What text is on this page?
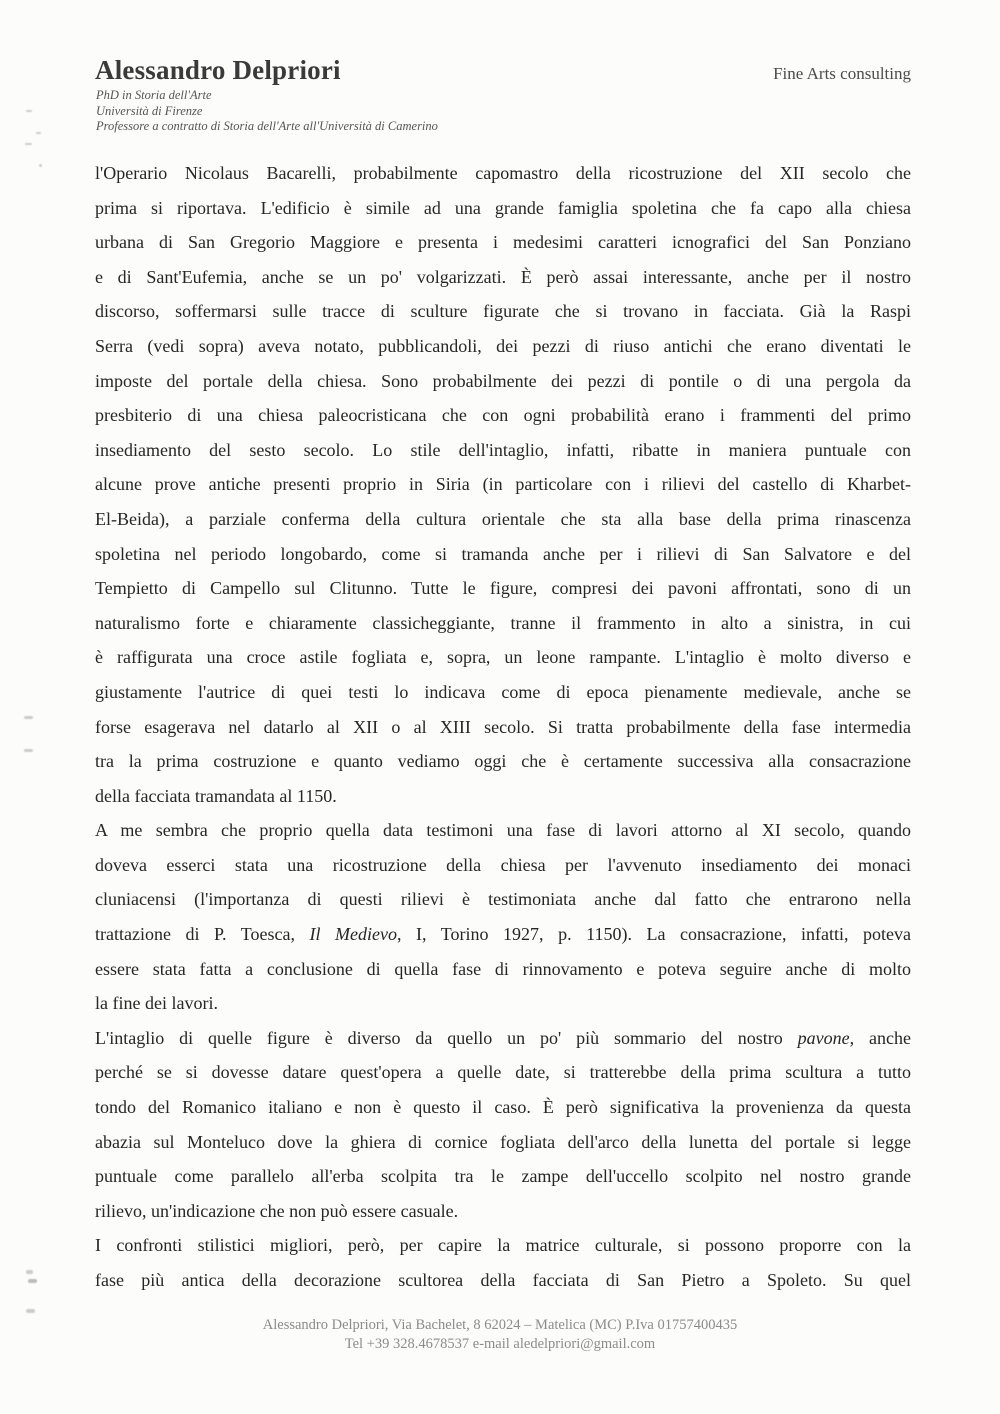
Alessandro Delpriori	Fine Arts consulting
PhD in Storia dell'Arte
Università di Firenze
Professore a contratto di Storia dell'Arte all'Università di Camerino
l'Operario Nicolaus Bacarelli, probabilmente capomastro della ricostruzione del XII secolo che
prima si riportava. L'edificio è simile ad una grande famiglia spoletina che fa capo alla chiesa
urbana di San Gregorio Maggiore e presenta i medesimi caratteri icnografici del San Ponziano
e di Sant'Eufemia, anche se un po' volgarizzati. È però assai interessante, anche per il nostro
discorso, soffermarsi sulle tracce di sculture figurate che si trovano in facciata. Già la Raspi
Serra (vedi sopra) aveva notato, pubblicandoli, dei pezzi di riuso antichi che erano diventati le
imposte del portale della chiesa. Sono probabilmente dei pezzi di pontile o di una pergola da
presbiterio di una chiesa paleocristicana che con ogni probabilità erano i frammenti del primo
insediamento del sesto secolo. Lo stile dell'intaglio, infatti, ribatte in maniera puntuale con
alcune prove antiche presenti proprio in Siria (in particolare con i rilievi del castello di Kharbet-
El-Beida), a parziale conferma della cultura orientale che sta alla base della prima rinascenza
spoletina nel periodo longobardo, come si tramanda anche per i rilievi di San Salvatore e del
Tempietto di Campello sul Clitunno. Tutte le figure, compresi dei pavoni affrontati, sono di un
naturalismo forte e chiaramente classicheggiante, tranne il frammento in alto a sinistra, in cui
è raffigurata una croce astile fogliata e, sopra, un leone rampante. L'intaglio è molto diverso e
giustamente l'autrice di quei testi lo indicava come di epoca pienamente medievale, anche se
forse esagerava nel datarlo al XII o al XIII secolo. Si tratta probabilmente della fase intermedia
tra la prima costruzione e quanto vediamo oggi che è certamente successiva alla consacrazione
della facciata tramandata al 1150.
A me sembra che proprio quella data testimoni una fase di lavori attorno al XI secolo, quando
doveva esserci stata una ricostruzione della chiesa per l'avvenuto insediamento dei monaci
cluniacensi (l'importanza di questi rilievi è testimoniata anche dal fatto che entrarono nella
trattazione di P. Toesca, Il Medievo, I, Torino 1927, p. 1150). La consacrazione, infatti, poteva
essere stata fatta a conclusione di quella fase di rinnovamento e poteva seguire anche di molto
la fine dei lavori.
L'intaglio di quelle figure è diverso da quello un po' più sommario del nostro pavone, anche
perché se si dovesse datare quest'opera a quelle date, si tratterebbe della prima scultura a tutto
tondo del Romanico italiano e non è questo il caso. È però significativa la provenienza da questa
abazia sul Monteluco dove la ghiera di cornice fogliata dell'arco della lunetta del portale si legge
puntuale come parallelo all'erba scolpita tra le zampe dell'uccello scolpito nel nostro grande
rilievo, un'indicazione che non può essere casuale.
I confronti stilistici migliori, però, per capire la matrice culturale, si possono proporre con la
fase più antica della decorazione scultorea della facciata di San Pietro a Spoleto. Su quel
Alessandro Delpriori, Via Bachelet, 8 62024 – Matelica (MC) P.Iva 01757400435
Tel +39 328.4678537 e-mail aledelpriori@gmail.com
